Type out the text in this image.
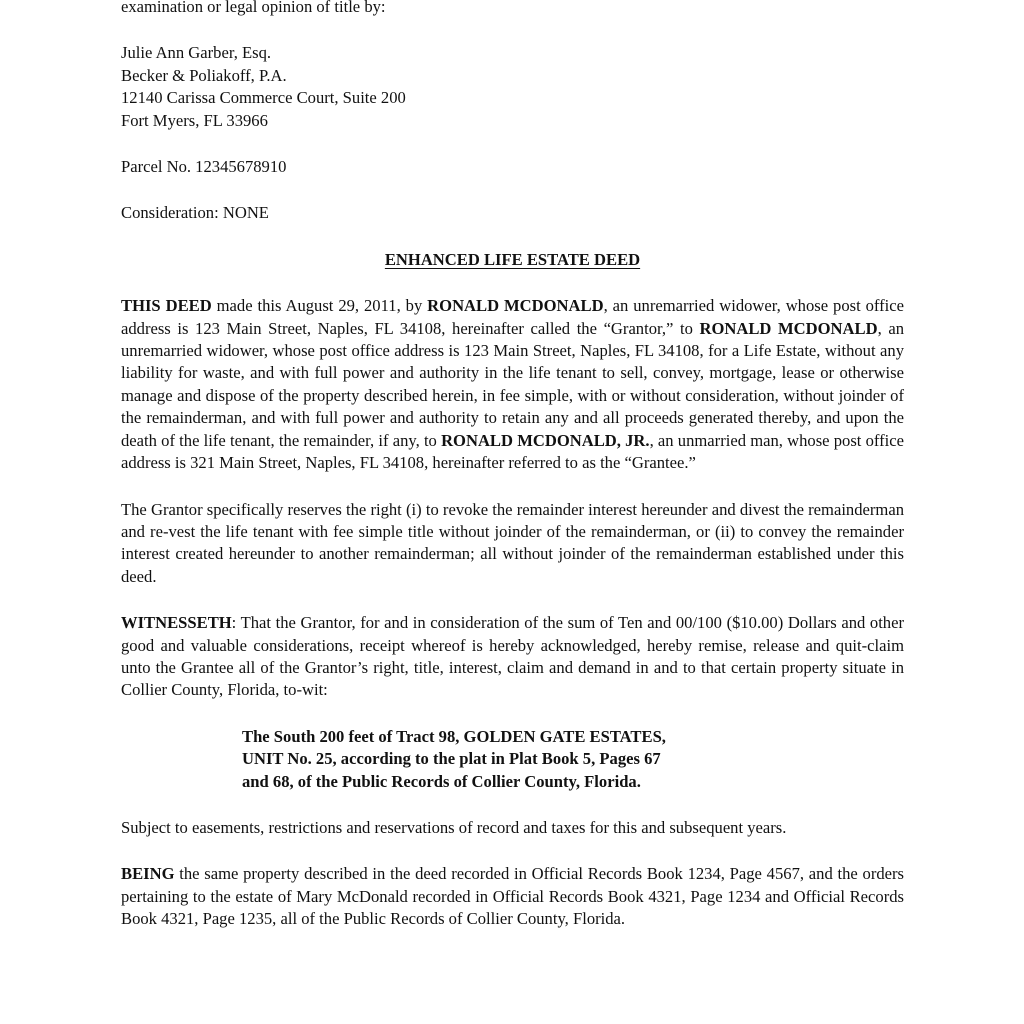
examination or legal opinion of title by:

Julie Ann Garber, Esq.
Becker & Poliakoff, P.A.
12140 Carissa Commerce Court, Suite 200
Fort Myers, FL 33966

Parcel No. 12345678910

Consideration: NONE

ENHANCED LIFE ESTATE DEED

THIS DEED made this August 29, 2011, by RONALD MCDONALD, an unremarried widower, whose post office address is 123 Main Street, Naples, FL 34108, hereinafter called the “Grantor,” to RONALD MCDONALD, an unremarried widower, whose post office address is 123 Main Street, Naples, FL 34108, for a Life Estate, without any liability for waste, and with full power and authority in the life tenant to sell, convey, mortgage, lease or otherwise manage and dispose of the property described herein, in fee simple, with or without consideration, without joinder of the remainderman, and with full power and authority to retain any and all proceeds generated thereby, and upon the death of the life tenant, the remainder, if any, to RONALD MCDONALD, JR., an unmarried man, whose post office address is 321 Main Street, Naples, FL 34108, hereinafter referred to as the “Grantee.”

The Grantor specifically reserves the right (i) to revoke the remainder interest hereunder and divest the remainderman and re-vest the life tenant with fee simple title without joinder of the remainderman, or (ii) to convey the remainder interest created hereunder to another remainderman; all without joinder of the remainderman established under this deed.

WITNESSETH: That the Grantor, for and in consideration of the sum of Ten and 00/100 ($10.00) Dollars and other good and valuable considerations, receipt whereof is hereby acknowledged, hereby remise, release and quit-claim unto the Grantee all of the Grantor’s right, title, interest, claim and demand in and to that certain property situate in Collier County, Florida, to-wit:

The South 200 feet of Tract 98, GOLDEN GATE ESTATES,
UNIT No. 25, according to the plat in Plat Book 5, Pages 67
and 68, of the Public Records of Collier County, Florida.

Subject to easements, restrictions and reservations of record and taxes for this and subsequent years.

BEING the same property described in the deed recorded in Official Records Book 1234, Page 4567, and the orders pertaining to the estate of Mary McDonald recorded in Official Records Book 4321, Page 1234 and Official Records Book 4321, Page 1235, all of the Public Records of Collier County, Florida.
